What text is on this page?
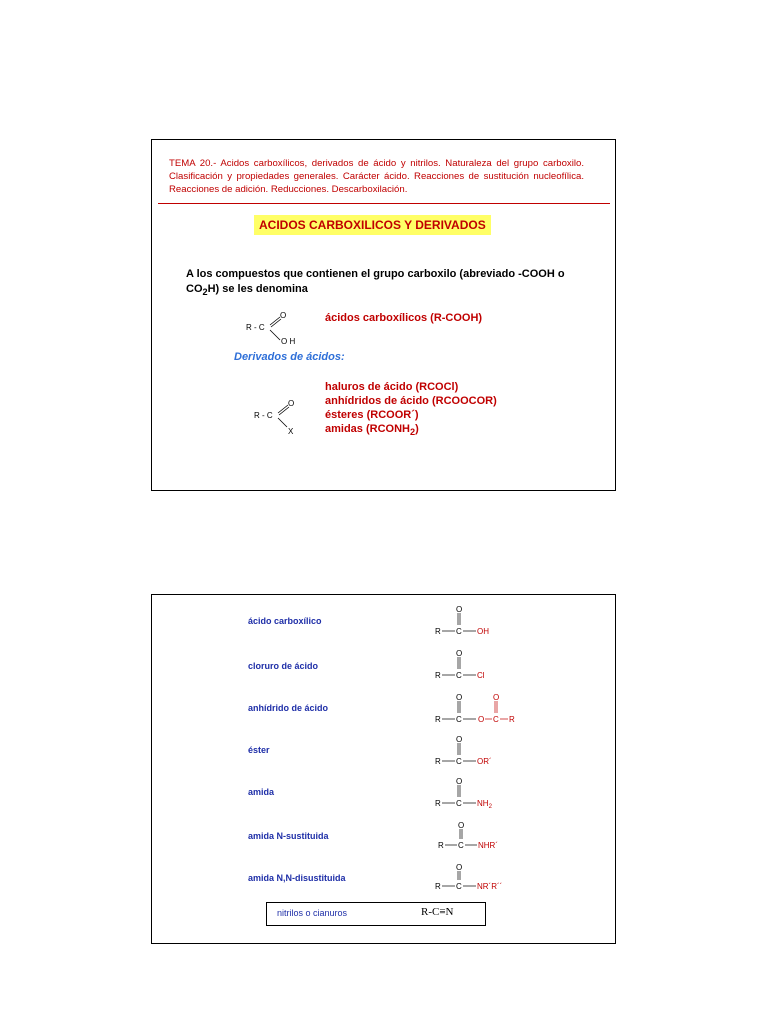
TEMA 20.- Acidos carboxílicos, derivados de ácido y nitrilos. Naturaleza del grupo carboxilo. Clasificación y propiedades generales. Carácter ácido. Reacciones de sustitución nucleofílica. Reacciones de adición. Reducciones. Descarboxilación.
ACIDOS CARBOXILICOS Y DERIVADOS
A los compuestos que contienen el grupo carboxilo (abreviado -COOH o $CO_2H$) se les denomina
R - C
O
O H
ácidos carboxílicos (R-COOH)
Derivados de ácidos:
R - C
O
X
haluros de ácido (RCOCl)
anhídridos de ácido (RCOOCOR)
ésteres (RCOOR´)
amidas $(RCONH_2)$
ácido carboxílico
R C
O
OH
cloruro de ácido
R C
O
Cl
anhídrido de ácido
R C
O
O C
O
R
éster
R C
O
OR´
amida
R C
O
$NH_2$
amida N-sustituida
R C
O
NHR´
amida N,N-disustituida
R C
O
NR´R´´
nitrilos o cianuros	R-C≡N
